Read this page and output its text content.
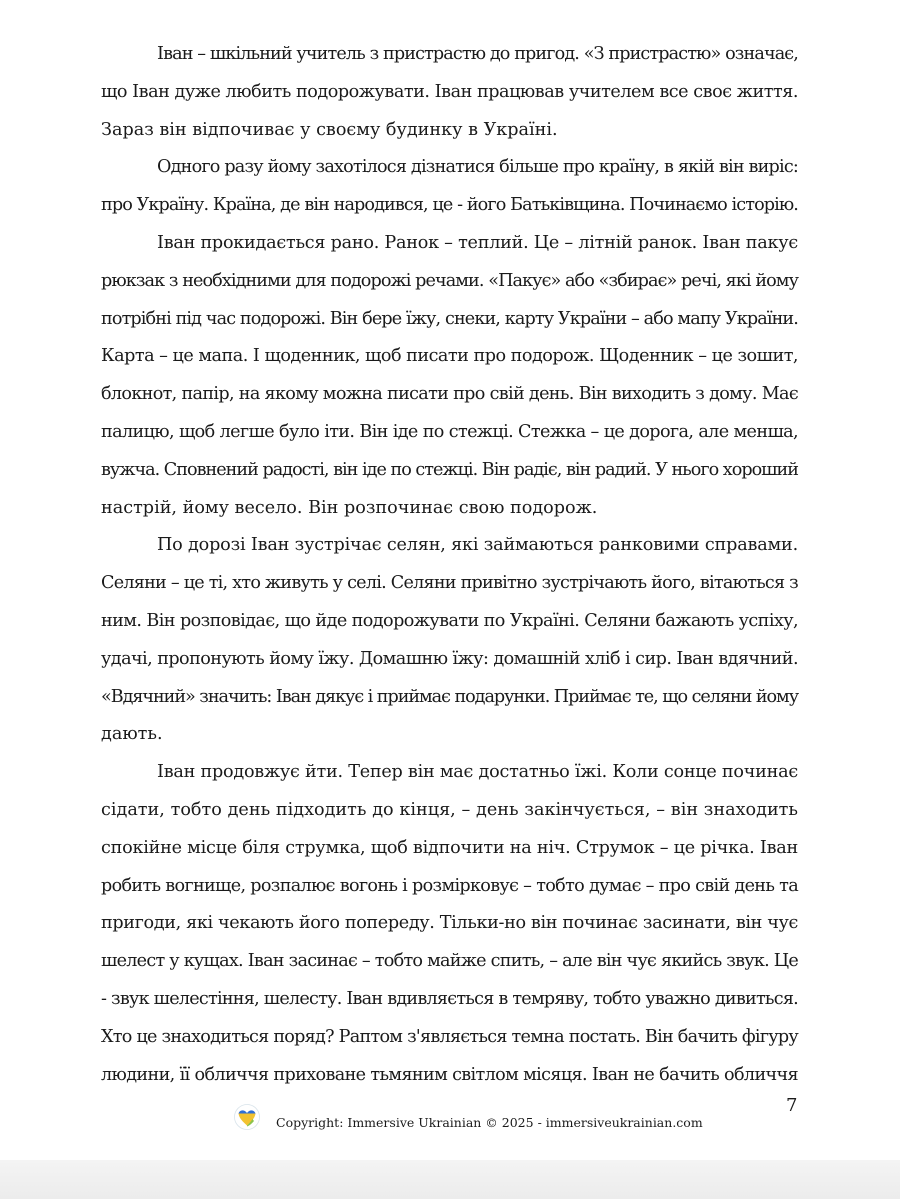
Іван – шкільний учитель з пристрастю до пригод. «З пристрастю» означає,
що Іван дуже любить подорожувати. Іван працював учителем все своє життя.
Зараз він відпочиває у своєму будинку в Україні.
Одного разу йому захотілося дізнатися більше про країну, в якій він виріс:
про Україну. Країна, де він народився, це - його Батьківщина. Починаємо історію.
Іван прокидається рано. Ранок – теплий. Це – літній ранок. Іван пакує
рюкзак з необхідними для подорожі речами. «Пакує» або «збирає» речі, які йому
потрібні під час подорожі. Він бере їжу, снеки, карту України – або мапу України.
Карта – це мапа. І щоденник, щоб писати про подорож. Щоденник – це зошит,
блокнот, папір, на якому можна писати про свій день. Він виходить з дому. Має
палицю, щоб легше було іти. Він іде по стежці. Стежка – це дорога, але менша,
вужча. Сповнений радості, він іде по стежці. Він радіє, він радий. У нього хороший
настрій, йому весело. Він розпочинає свою подорож.
По дорозі Іван зустрічає селян, які займаються ранковими справами.
Селяни – це ті, хто живуть у селі. Селяни привітно зустрічають його, вітаються з
ним. Він розповідає, що йде подорожувати по Україні. Селяни бажають успіху,
удачі, пропонують йому їжу. Домашню їжу: домашній хліб і сир. Іван вдячний.
«Вдячний» значить: Іван дякує і приймає подарунки. Приймає те, що селяни йому
дають.
Іван продовжує йти. Тепер він має достатньо їжі. Коли сонце починає
сідати, тобто день підходить до кінця, – день закінчується, – він знаходить
спокійне місце біля струмка, щоб відпочити на ніч. Струмок – це річка. Іван
робить вогнище, розпалює вогонь і розмірковує – тобто думає – про свій день та
пригоди, які чекають його попереду. Тільки-но він починає засинати, він чує
шелест у кущах. Іван засинає – тобто майже спить, – але він чує якийсь звук. Це
- звук шелестіння, шелесту. Іван вдивляється в темряву, тобто уважно дивиться.
Хто це знаходиться поряд? Раптом з'являється темна постать. Він бачить фігуру
людини, її обличчя приховане тьмяним світлом місяця. Іван не бачить обличчя
7
Copyright: Immersive Ukrainian © 2025 - immersiveukrainian.com
